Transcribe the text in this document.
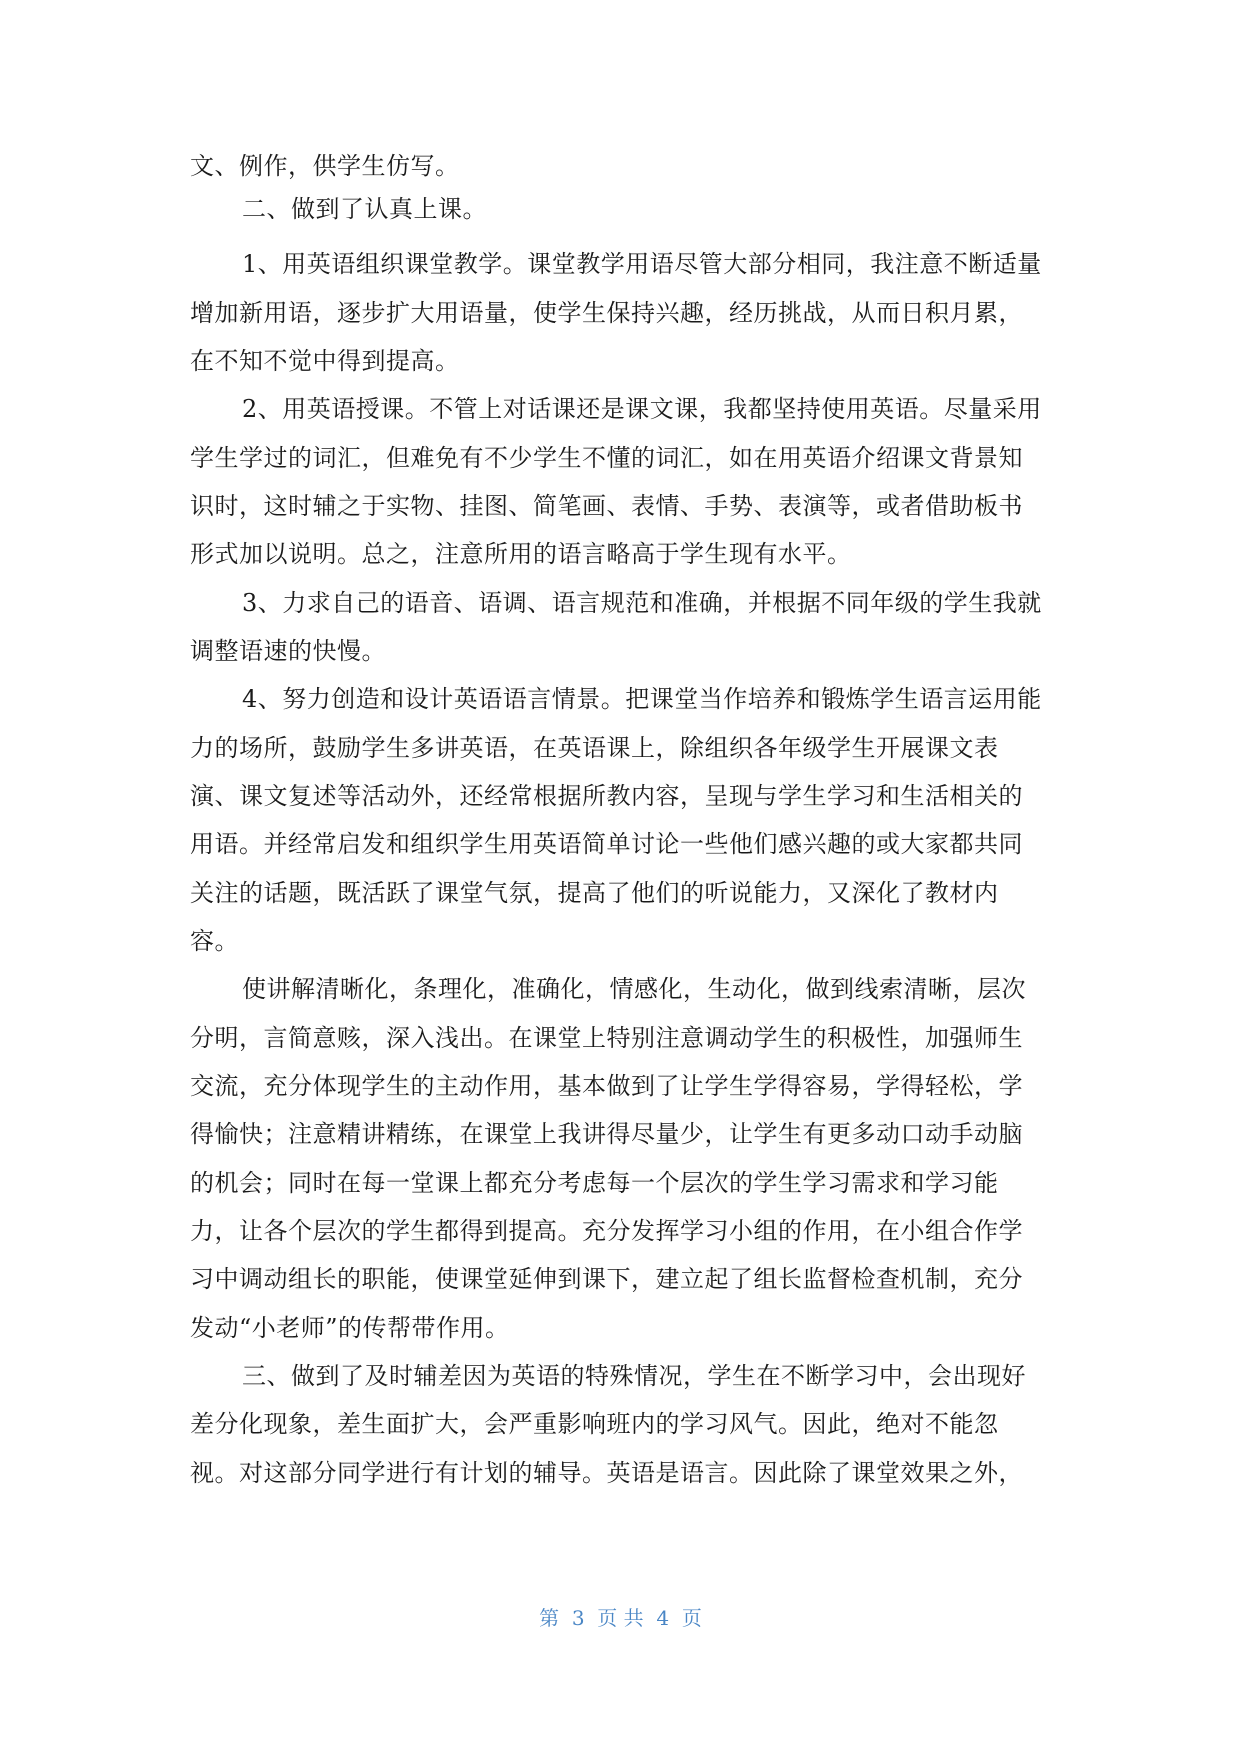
文、例作，供学生仿写。
二、做到了认真上课。
1、用英语组织课堂教学。课堂教学用语尽管大部分相同，我注意不断适量
增加新用语，逐步扩大用语量，使学生保持兴趣，经历挑战，从而日积月累，
在不知不觉中得到提高。
2、用英语授课。不管上对话课还是课文课，我都坚持使用英语。尽量采用
学生学过的词汇，但难免有不少学生不懂的词汇，如在用英语介绍课文背景知
识时，这时辅之于实物、挂图、简笔画、表情、手势、表演等，或者借助板书
形式加以说明。总之，注意所用的语言略高于学生现有水平。
3、力求自己的语音、语调、语言规范和准确，并根据不同年级的学生我就
调整语速的快慢。
4、努力创造和设计英语语言情景。把课堂当作培养和锻炼学生语言运用能
力的场所，鼓励学生多讲英语，在英语课上，除组织各年级学生开展课文表
演、课文复述等活动外，还经常根据所教内容，呈现与学生学习和生活相关的
用语。并经常启发和组织学生用英语简单讨论一些他们感兴趣的或大家都共同
关注的话题，既活跃了课堂气氛，提高了他们的听说能力，又深化了教材内
容。
使讲解清晰化，条理化，准确化，情感化，生动化，做到线索清晰，层次
分明，言简意赅，深入浅出。在课堂上特别注意调动学生的积极性，加强师生
交流，充分体现学生的主动作用，基本做到了让学生学得容易，学得轻松，学
得愉快；注意精讲精练，在课堂上我讲得尽量少，让学生有更多动口动手动脑
的机会；同时在每一堂课上都充分考虑每一个层次的学生学习需求和学习能
力，让各个层次的学生都得到提高。充分发挥学习小组的作用，在小组合作学
习中调动组长的职能，使课堂延伸到课下，建立起了组长监督检查机制，充分
发动“小老师”的传帮带作用。
三、做到了及时辅差因为英语的特殊情况，学生在不断学习中，会出现好
差分化现象，差生面扩大，会严重影响班内的学习风气。因此，绝对不能忽
视。对这部分同学进行有计划的辅导。英语是语言。因此除了课堂效果之外，
第  3  页 共  4  页
